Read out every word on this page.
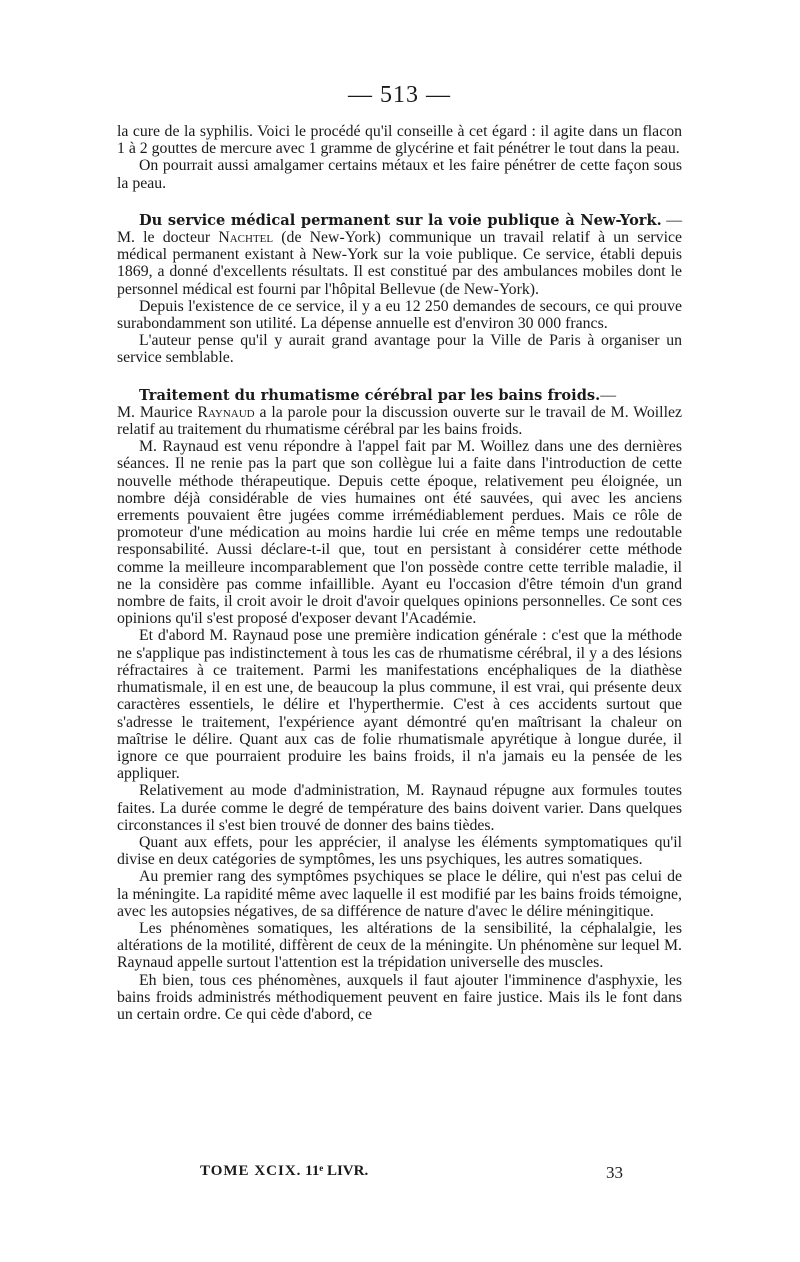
— 513 —

la cure de la syphilis. Voici le procédé qu'il conseille à cet égard : il agite dans un flacon 1 à 2 gouttes de mercure avec 1 gramme de glycérine et fait pénétrer le tout dans la peau.

On pourrait aussi amalgamer certains métaux et les faire pénétrer de cette façon sous la peau.

Du service médical permanent sur la voie publique à New-York. — M. le docteur Nachtel (de New-York) communique un travail relatif à un service médical permanent existant à New-York sur la voie publique. Ce service, établi depuis 1869, a donné d'excellents résultats. Il est constitué par des ambulances mobiles dont le personnel médical est fourni par l'hôpital Bellevue (de New-York).

Depuis l'existence de ce service, il y a eu 12 250 demandes de secours, ce qui prouve surabondamment son utilité. La dépense annuelle est d'environ 30 000 francs.

L'auteur pense qu'il y aurait grand avantage pour la Ville de Paris à organiser un service semblable.

Traitement du rhumatisme cérébral par les bains froids.—

M. Maurice Raynaud a la parole pour la discussion ouverte sur le travail de M. Woillez relatif au traitement du rhumatisme cérébral par les bains froids.

M. Raynaud est venu répondre à l'appel fait par M. Woillez dans une des dernières séances. Il ne renie pas la part que son collègue lui a faite dans l'introduction de cette nouvelle méthode thérapeutique. Depuis cette époque, relativement peu éloignée, un nombre déjà considérable de vies humaines ont été sauvées, qui avec les anciens errements pouvaient être jugées comme irrémédiablement perdues. Mais ce rôle de promoteur d'une médication au moins hardie lui crée en même temps une redoutable responsabilité. Aussi déclare-t-il que, tout en persistant à considérer cette méthode comme la meilleure incomparablement que l'on possède contre cette terrible maladie, il ne la considère pas comme infaillible. Ayant eu l'occasion d'être témoin d'un grand nombre de faits, il croit avoir le droit d'avoir quelques opinions personnelles. Ce sont ces opinions qu'il s'est proposé d'exposer devant l'Académie.

Et d'abord M. Raynaud pose une première indication générale : c'est que la méthode ne s'applique pas indistinctement à tous les cas de rhumatisme cérébral, il y a des lésions réfractaires à ce traitement. Parmi les manifestations encéphaliques de la diathèse rhumatismale, il en est une, de beaucoup la plus commune, il est vrai, qui présente deux caractères essentiels, le délire et l'hyperthermie. C'est à ces accidents surtout que s'adresse le traitement, l'expérience ayant démontré qu'en maîtrisant la chaleur on maîtrise le délire. Quant aux cas de folie rhumatismale apyrétique à longue durée, il ignore ce que pourraient produire les bains froids, il n'a jamais eu la pensée de les appliquer.

Relativement au mode d'administration, M. Raynaud répugne aux formules toutes faites. La durée comme le degré de température des bains doivent varier. Dans quelques circonstances il s'est bien trouvé de donner des bains tièdes.

Quant aux effets, pour les apprécier, il analyse les éléments symptomatiques qu'il divise en deux catégories de symptômes, les uns psychiques, les autres somatiques.

Au premier rang des symptômes psychiques se place le délire, qui n'est pas celui de la méningite. La rapidité même avec laquelle il est modifié par les bains froids témoigne, avec les autopsies négatives, de sa différence de nature d'avec le délire méningitique.

Les phénomènes somatiques, les altérations de la sensibilité, la céphalalgie, les altérations de la motilité, diffèrent de ceux de la méningite. Un phénomène sur lequel M. Raynaud appelle surtout l'attention est la trépidation universelle des muscles.

Eh bien, tous ces phénomènes, auxquels il faut ajouter l'imminence d'asphyxie, les bains froids administrés méthodiquement peuvent en faire justice. Mais ils le font dans un certain ordre. Ce qui cède d'abord, ce

TOME XCIX. 11ᵉ LIVR.	33
